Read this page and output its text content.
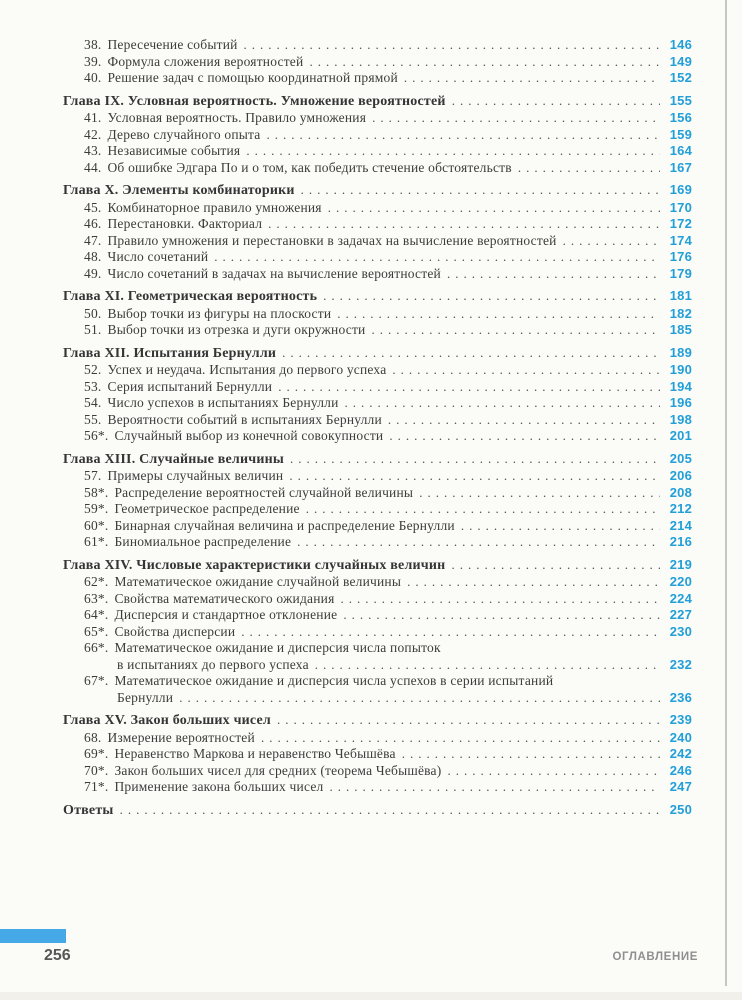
38. Пересечение событий .....	146
39. Формула сложения вероятностей .....	149
40. Решение задач с помощью координатной прямой .....	152
Глава IX. Условная вероятность. Умножение вероятностей .....	155
41. Условная вероятность. Правило умножения .....	156
42. Дерево случайного опыта .....	159
43. Независимые события .....	164
44. Об ошибке Эдгара По и о том, как победить стечение обстоятельств .....	167
Глава X. Элементы комбинаторики .....	169
45. Комбинаторное правило умножения .....	170
46. Перестановки. Факториал .....	172
47. Правило умножения и перестановки в задачах на вычисление вероятностей .....	174
48. Число сочетаний .....	176
49. Число сочетаний в задачах на вычисление вероятностей .....	179
Глава XI. Геометрическая вероятность .....	181
50. Выбор точки из фигуры на плоскости .....	182
51. Выбор точки из отрезка и дуги окружности .....	185
Глава XII. Испытания Бернулли .....	189
52. Успех и неудача. Испытания до первого успеха .....	190
53. Серия испытаний Бернулли .....	194
54. Число успехов в испытаниях Бернулли .....	196
55. Вероятности событий в испытаниях Бернулли .....	198
56*. Случайный выбор из конечной совокупности .....	201
Глава XIII. Случайные величины .....	205
57. Примеры случайных величин .....	206
58*. Распределение вероятностей случайной величины .....	208
59*. Геометрическое распределение .....	212
60*. Бинарная случайная величина и распределение Бернулли .....	214
61*. Биномиальное распределение .....	216
Глава XIV. Числовые характеристики случайных величин .....	219
62*. Математическое ожидание случайной величины .....	220
63*. Свойства математического ожидания .....	224
64*. Дисперсия и стандартное отклонение .....	227
65*. Свойства дисперсии .....	230
66*. Математическое ожидание и дисперсия числа попыток
в испытаниях до первого успеха .....	232
67*. Математическое ожидание и дисперсия числа успехов в серии испытаний
Бернулли .....	236
Глава XV. Закон больших чисел .....	239
68. Измерение вероятностей .....	240
69*. Неравенство Маркова и неравенство Чебышёва .....	242
70*. Закон больших чисел для средних (теорема Чебышёва) .....	246
71*. Применение закона больших чисел .....	247
Ответы .....	250
256	ОГЛАВЛЕНИЕ
